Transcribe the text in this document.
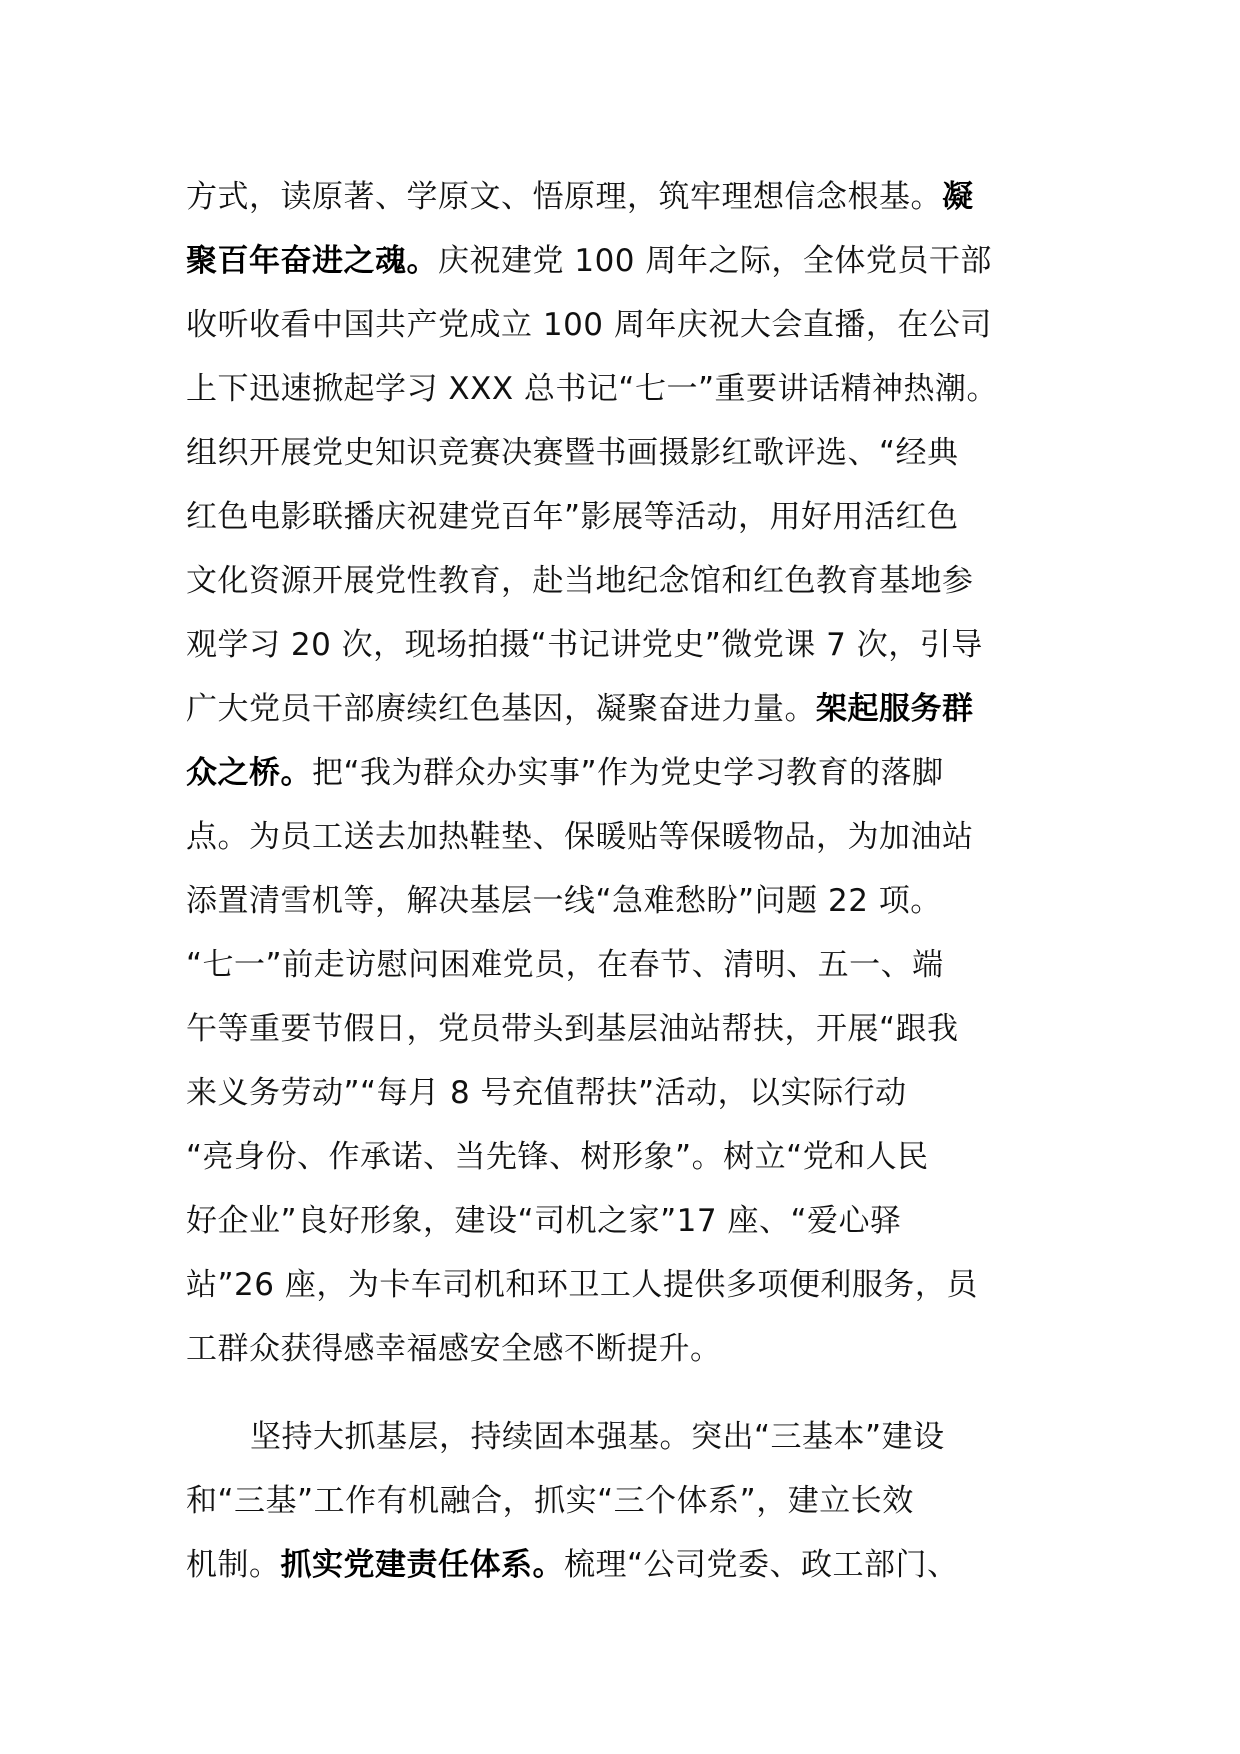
方式，读原著、学原文、悟原理，筑牢理想信念根基。凝
聚百年奋进之魂。庆祝建党 100 周年之际，全体党员干部
收听收看中国共产党成立 100 周年庆祝大会直播，在公司
上下迅速掀起学习 XXX 总书记“七一”重要讲话精神热潮。
组织开展党史知识竞赛决赛暨书画摄影红歌评选、“经典
红色电影联播庆祝建党百年”影展等活动，用好用活红色
文化资源开展党性教育，赴当地纪念馆和红色教育基地参
观学习 20 次，现场拍摄“书记讲党史”微党课 7 次，引导
广大党员干部赓续红色基因，凝聚奋进力量。架起服务群
众之桥。把“我为群众办实事”作为党史学习教育的落脚
点。为员工送去加热鞋垫、保暖贴等保暖物品，为加油站
添置清雪机等，解决基层一线“急难愁盼”问题 22 项。
“七一”前走访慰问困难党员，在春节、清明、五一、端
午等重要节假日，党员带头到基层油站帮扶，开展“跟我
来义务劳动”“每月 8 号充值帮扶”活动，以实际行动
“亮身份、作承诺、当先锋、树形象”。树立“党和人民
好企业”良好形象，建设“司机之家”17 座、“爱心驿
站”26 座，为卡车司机和环卫工人提供多项便利服务，员
工群众获得感幸福感安全感不断提升。
坚持大抓基层，持续固本强基。突出“三基本”建设
和“三基”工作有机融合，抓实“三个体系”，建立长效
机制。抓实党建责任体系。梳理“公司党委、政工部门、
